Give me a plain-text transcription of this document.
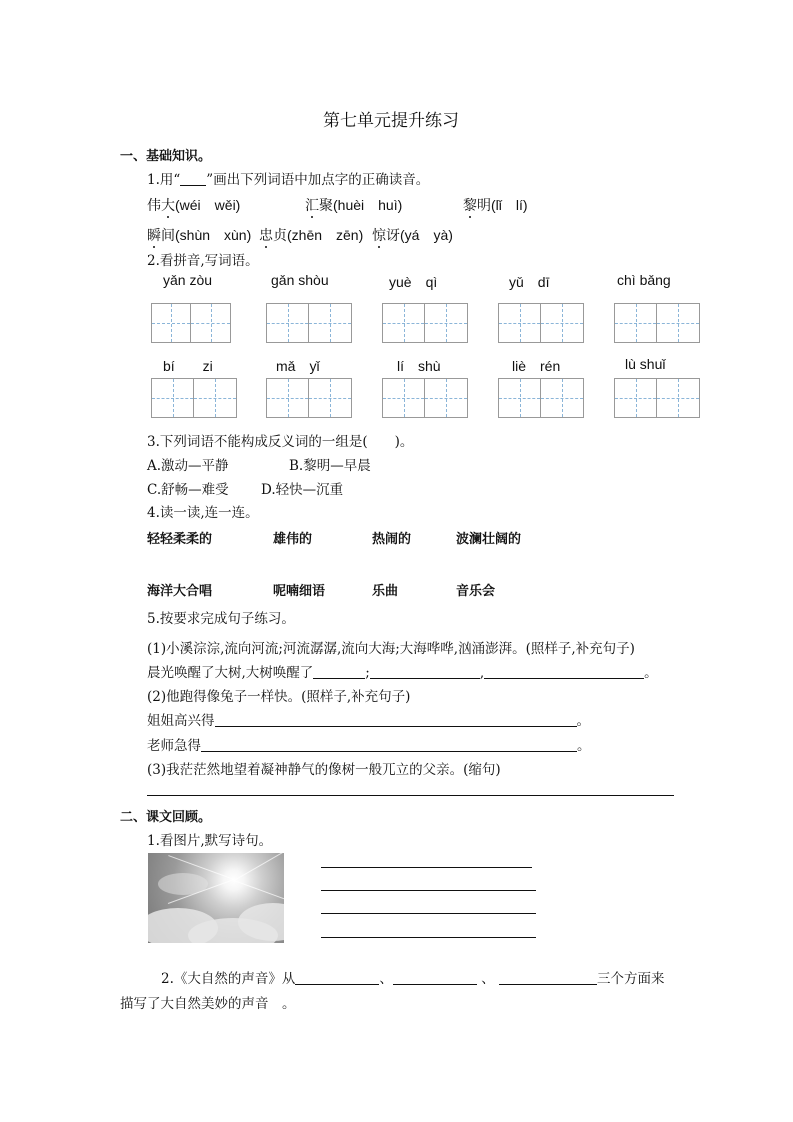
第七单元提升练习
一、基础知识。
1.用“ ”画出下列词语中加点字的正确读音。
伟大(wéi　wěi)	汇聚(huèi　huì)	黎明(lǐ　lí)
瞬间(shùn　xùn) 忠贞(zhēn　zēn) 惊讶(yá　yà)
2.看拼音,写词语。
yǎn zòu	gǎn shòu	yuè　qì	yǔ　dī	chì bǎng
bí　　zi	mǎ　yǐ	lí　shù	liè　rén	lù shuǐ
3.下列词语不能构成反义词的一组是(　　)。
A.激动—平静	B.黎明—早晨
C.舒畅—难受 D.轻快—沉重
4.读一读,连一连。
轻轻柔柔的	雄伟的	热闹的	波澜壮阔的
海洋大合唱	呢喃细语	乐曲	音乐会
5.按要求完成句子练习。
(1)小溪淙淙,流向河流;河流潺潺,流向大海;大海哗哗,汹涌澎湃。(照样子,补充句子)
晨光唤醒了大树,大树唤醒了	;	,	。
(2)他跑得像兔子一样快。(照样子,补充句子)
姐姐高兴得	。
老师急得	。
(3)我茫茫然地望着凝神静气的像树一般兀立的父亲。(缩句)
二、课文回顾。
1.看图片,默写诗句。
2.《大自然的声音》从	、	、	三个方面来
描写了大自然美妙的声音　。
